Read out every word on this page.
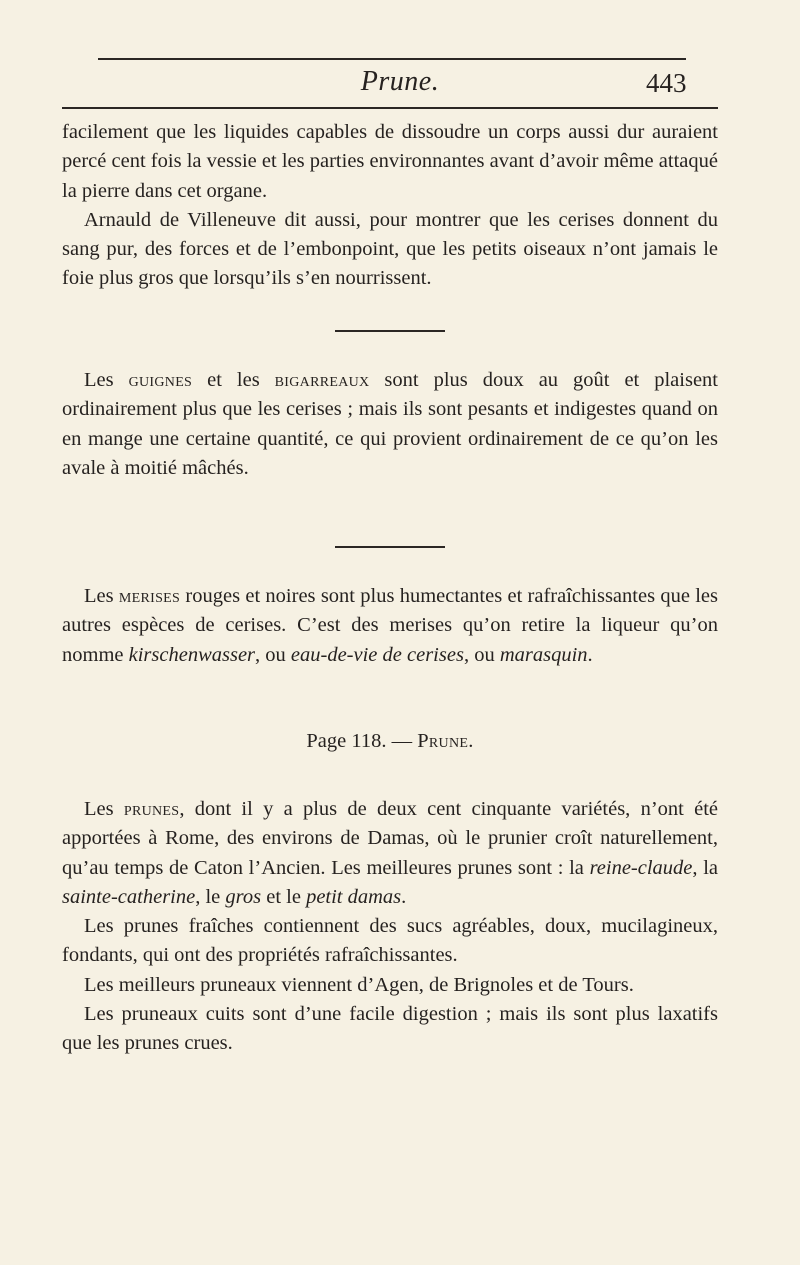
Prune.	443

facilement que les liquides capables de dissoudre un corps aussi dur auraient percé cent fois la vessie et les parties environnantes avant d’avoir même attaqué la pierre dans cet organe.

Arnauld de Villeneuve dit aussi, pour montrer que les cerises donnent du sang pur, des forces et de l’embonpoint, que les petits oiseaux n’ont jamais le foie plus gros que lorsqu’ils s’en nourrissent.

Les guignes et les bigarreaux sont plus doux au goût et plaisent ordinairement plus que les cerises ; mais ils sont pesants et indigestes quand on en mange une certaine quantité, ce qui provient ordinairement de ce qu’on les avale à moitié mâchés.

Les merises rouges et noires sont plus humectantes et rafraîchissantes que les autres espèces de cerises. C’est des merises qu’on retire la liqueur qu’on nomme kirschenwasser, ou eau-de-vie de cerises, ou marasquin.

Page 118. — Prune.

Les prunes, dont il y a plus de deux cent cinquante variétés, n’ont été apportées à Rome, des environs de Damas, où le prunier croît naturellement, qu’au temps de Caton l’Ancien. Les meilleures prunes sont : la reine-claude, la sainte-catherine, le gros et le petit damas.

Les prunes fraîches contiennent des sucs agréables, doux, mucilagineux, fondants, qui ont des propriétés rafraîchissantes.

Les meilleurs pruneaux viennent d’Agen, de Brignoles et de Tours.

Les pruneaux cuits sont d’une facile digestion ; mais ils sont plus laxatifs que les prunes crues.
